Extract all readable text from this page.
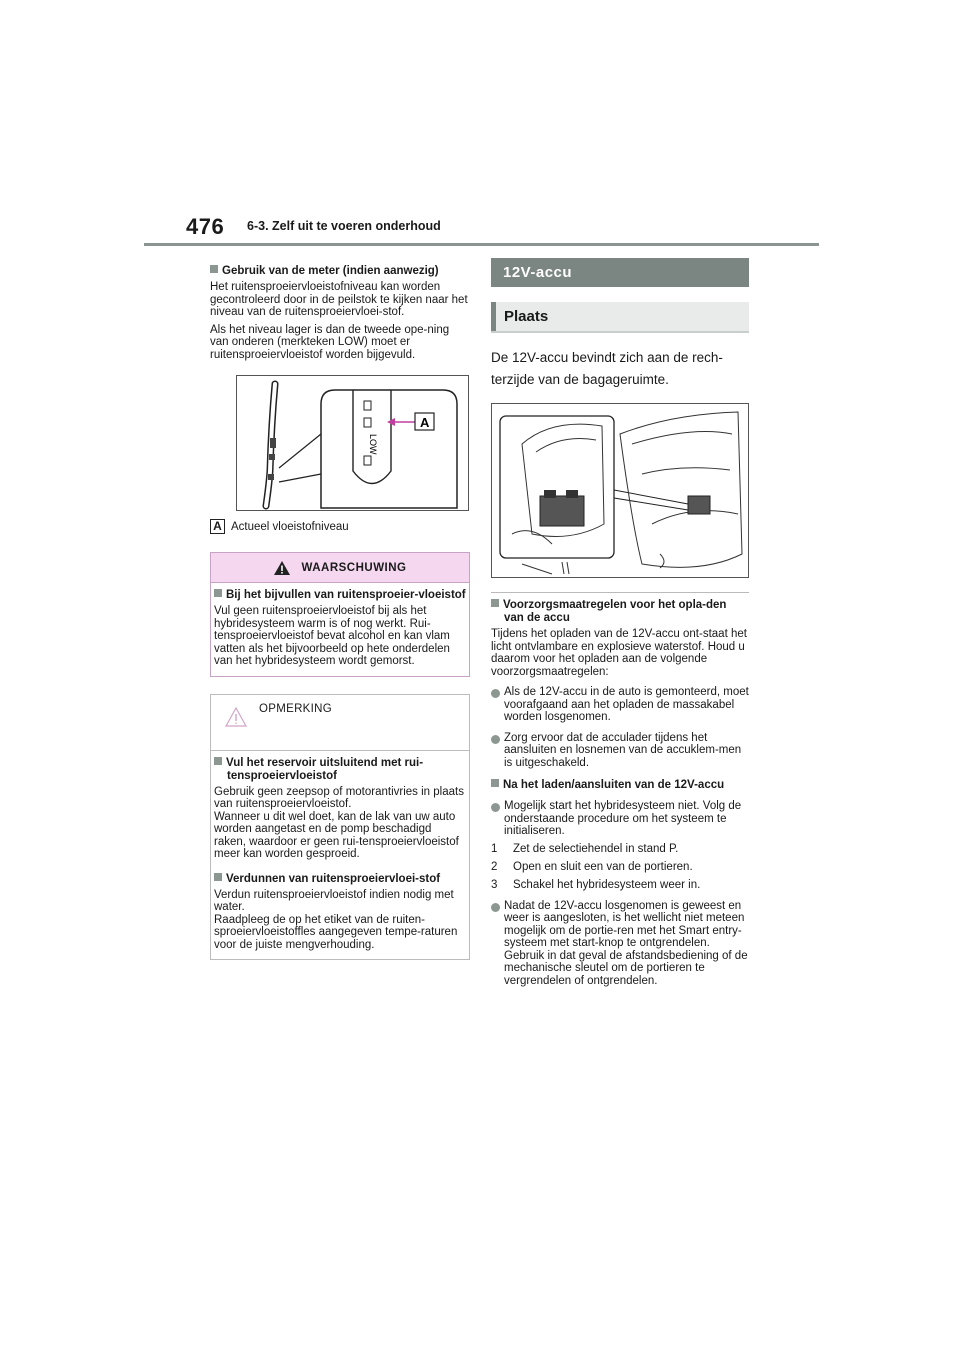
476 6-3. Zelf uit te voeren onderhoud
Gebruik van de meter (indien aanwezig)
Het ruitensproeiervloeistofniveau kan worden gecontroleerd door in de peilstok te kijken naar het niveau van de ruitensproeiervloei-stof.
Als het niveau lager is dan de tweede ope-ning van onderen (merkteken LOW) moet er ruitensproeiervloeistof worden bijgevuld.
LOW
A
A Actueel vloeistofniveau
WAARSCHUWING
Bij het bijvullen van ruitensproeier-vloeistof
Vul geen ruitensproeiervloeistof bij als het hybridesysteem warm is of nog werkt. Rui-tensproeiervloeistof bevat alcohol en kan vlam vatten als het bijvoorbeeld op hete onderdelen van het hybridesysteem wordt gemorst.
OPMERKING
Vul het reservoir uitsluitend met rui-tensproeiervloeistof
Gebruik geen zeepsop of motorantivries in plaats van ruitensproeiervloeistof.
Wanneer u dit wel doet, kan de lak van uw auto worden aangetast en de pomp beschadigd raken, waardoor er geen rui-tensproeiervloeistof meer kan worden gesproeid.
Verdunnen van ruitensproeiervloei-stof
Verdun ruitensproeiervloeistof indien nodig met water.
Raadpleeg de op het etiket van de ruiten-sproeiervloeistoffles aangegeven tempe-raturen voor de juiste mengverhouding.
12V-accu
Plaats
De 12V-accu bevindt zich aan de rech-terzijde van de bagageruimte.
Voorzorgsmaatregelen voor het opla-den van de accu
Tijdens het opladen van de 12V-accu ont-staat het licht ontvlambare en explosieve waterstof. Houd u daarom voor het opladen aan de volgende voorzorgsmaatregelen:
Als de 12V-accu in de auto is gemonteerd, moet voorafgaand aan het opladen de massakabel worden losgenomen.
Zorg ervoor dat de acculader tijdens het aansluiten en losnemen van de accuklem-men is uitgeschakeld.
Na het laden/aansluiten van de 12V-accu
Mogelijk start het hybridesysteem niet. Volg de onderstaande procedure om het systeem te initialiseren.
1 Zet de selectiehendel in stand P.
2 Open en sluit een van de portieren.
3 Schakel het hybridesysteem weer in.
Nadat de 12V-accu losgenomen is geweest en weer is aangesloten, is het wellicht niet meteen mogelijk om de portie-ren met het Smart entry-systeem met start-knop te ontgrendelen. Gebruik in dat geval de afstandsbediening of de mechanische sleutel om de portieren te vergrendelen of ontgrendelen.
